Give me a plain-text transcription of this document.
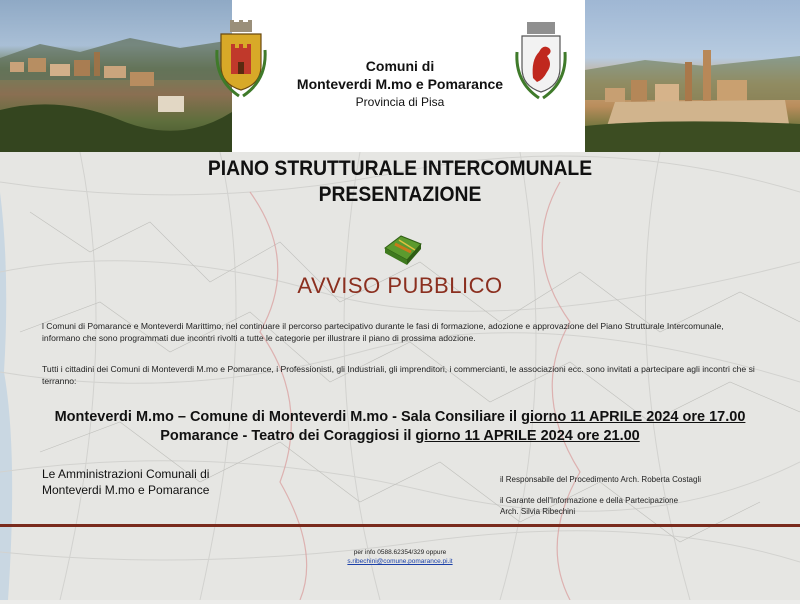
Comuni di
Monteverdi M.mo e Pomarance
Provincia di Pisa
PIANO STRUTTURALE INTERCOMUNALE
PRESENTAZIONE
AVVISO PUBBLICO
l Comuni di Pomarance e Monteverdi Marittimo, nel continuare il percorso partecipativo durante le fasi di formazione, adozione e approvazione del Piano Strutturale Intercomunale, informano che sono programmati due incontri rivolti a tutte le categorie per illustrare il piano di prossima adozione.
Tutti i cittadini dei Comuni di Monteverdi M.mo e Pomarance, i Professionisti, gli Industriali, gli imprenditori, i commercianti, le associazioni ecc. sono invitati a partecipare agli incontri che si terranno:
Monteverdi M.mo – Comune di Monteverdi M.mo - Sala Consiliare il giorno 11 APRILE 2024 ore 17.00
Pomarance - Teatro dei Coraggiosi il giorno 11 APRILE 2024 ore 21.00
Le Amministrazioni Comunali di
Monteverdi M.mo e Pomarance
il Responsabile del Procedimento Arch. Roberta Costagli
il Garante dell'Informazione e della Partecipazione
Arch. Silvia Ribechini
per info 0588.62354/329 oppure
s.ribechini@comune.pomarance.pi.it
